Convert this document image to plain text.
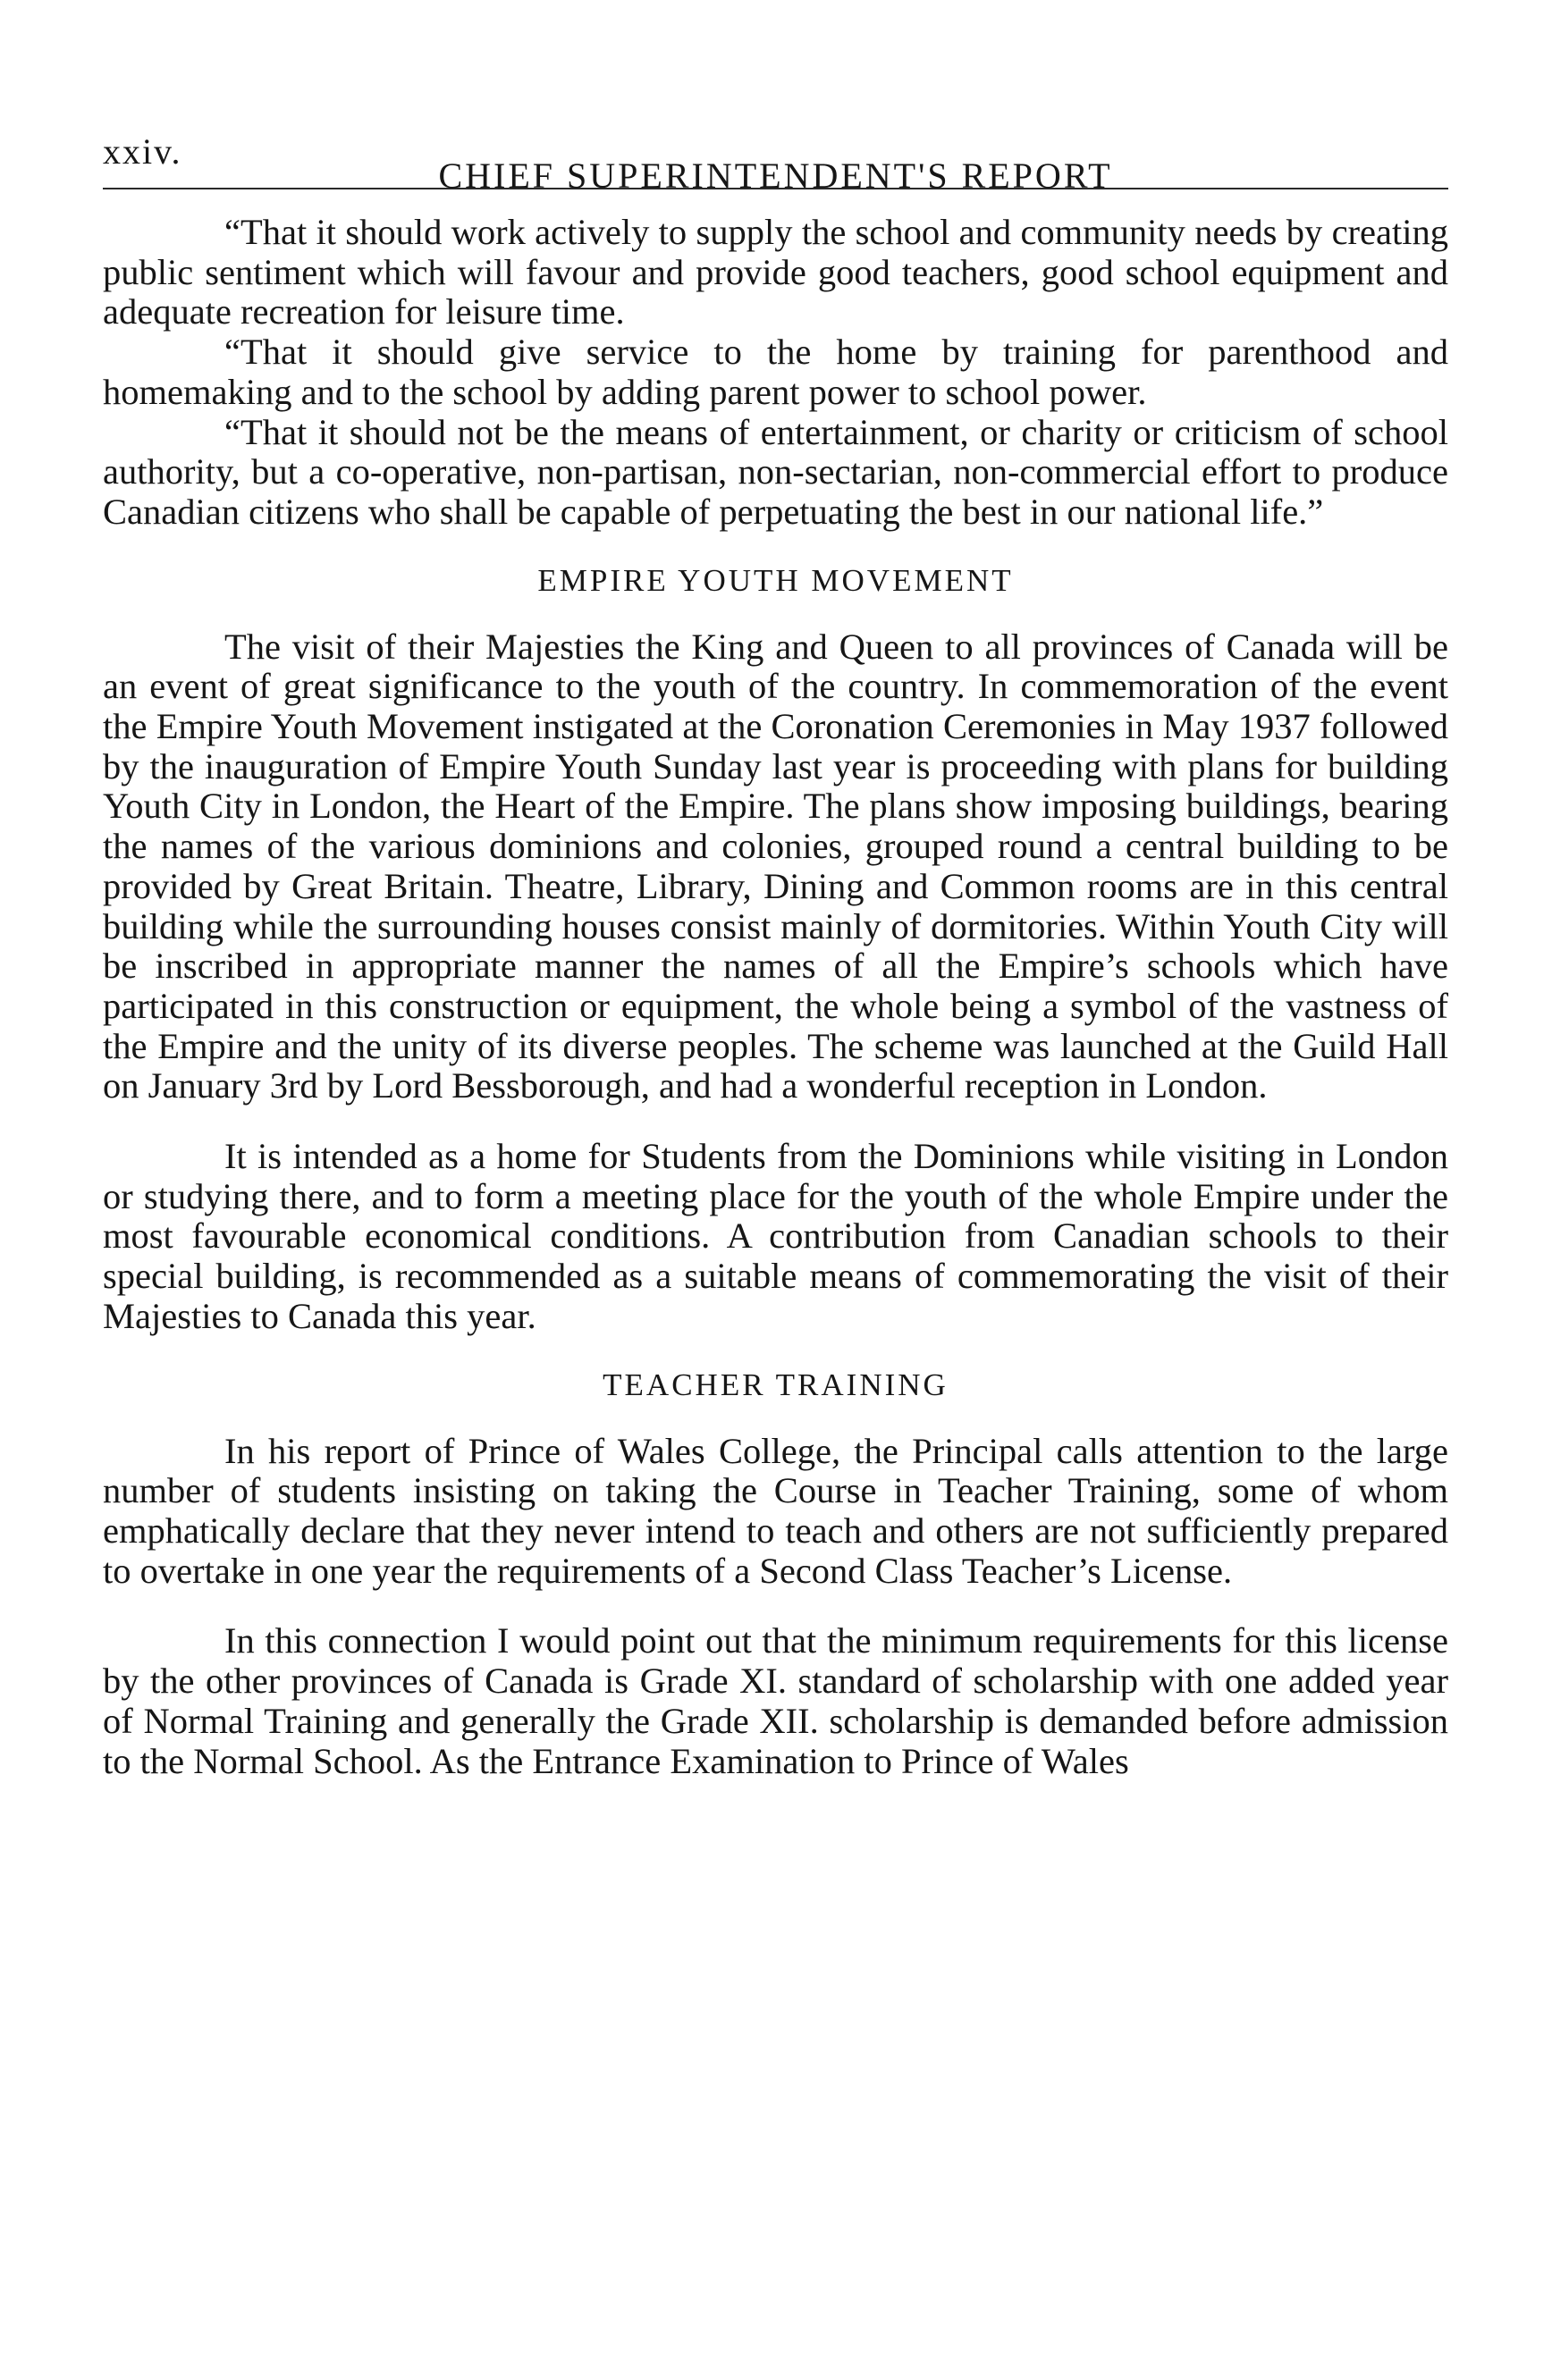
xxiv.
CHIEF SUPERINTENDENT'S REPORT

“That it should work actively to supply the school and community needs by creating public sentiment which will favour and provide good teachers, good school equipment and adequate recreation for leisure time.

“That it should give service to the home by training for parenthood and homemaking and to the school by adding parent power to school power.

“That it should not be the means of entertainment, or charity or criticism of school authority, but a co-operative, non-partisan, non-sectarian, non-commercial effort to produce Canadian citizens who shall be capable of perpetuating the best in our national life.”

EMPIRE YOUTH MOVEMENT

The visit of their Majesties the King and Queen to all provinces of Canada will be an event of great significance to the youth of the country. In commemoration of the event the Empire Youth Movement instigated at the Coronation Ceremonies in May 1937 followed by the inauguration of Empire Youth Sunday last year is proceeding with plans for building Youth City in London, the Heart of the Empire. The plans show imposing buildings, bearing the names of the various dominions and colonies, grouped round a central building to be provided by Great Britain. Theatre, Library, Dining and Common rooms are in this central building while the surrounding houses consist mainly of dormitories. Within Youth City will be inscribed in appropriate manner the names of all the Empire’s schools which have participated in this construction or equipment, the whole being a symbol of the vastness of the Empire and the unity of its diverse peoples. The scheme was launched at the Guild Hall on January 3rd by Lord Bessborough, and had a wonderful reception in London.

It is intended as a home for Students from the Dominions while visiting in London or studying there, and to form a meeting place for the youth of the whole Empire under the most favourable economical conditions. A contribution from Canadian schools to their special building, is recommended as a suitable means of commemorating the visit of their Majesties to Canada this year.

TEACHER TRAINING

In his report of Prince of Wales College, the Principal calls attention to the large number of students insisting on taking the Course in Teacher Training, some of whom emphatically declare that they never intend to teach and others are not sufficiently prepared to overtake in one year the requirements of a Second Class Teacher’s License.

In this connection I would point out that the minimum requirements for this license by the other provinces of Canada is Grade XI. standard of scholarship with one added year of Normal Training and generally the Grade XII. scholarship is demanded before admission to the Normal School. As the Entrance Examination to Prince of Wales
